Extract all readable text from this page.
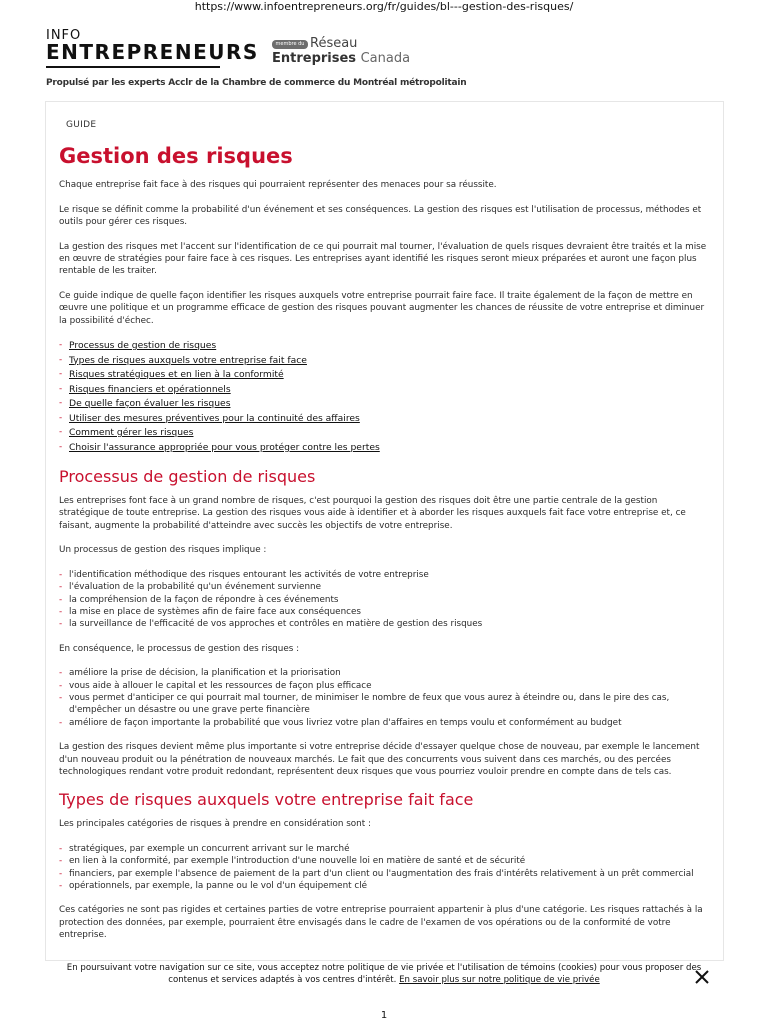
https://www.infoentrepreneurs.org/fr/guides/bl---gestion-des-risques/
INFO
ENTREPRENEURS	membre du Réseau
Entreprises Canada
Propulsé par les experts Acclr de la Chambre de commerce du Montréal métropolitain
GUIDE
Gestion des risques

Chaque entreprise fait face à des risques qui pourraient représenter des menaces pour sa réussite.

Le risque se définit comme la probabilité d'un événement et ses conséquences. La gestion des risques est l'utilisation de processus, méthodes et outils pour gérer ces risques.

La gestion des risques met l'accent sur l'identification de ce qui pourrait mal tourner, l'évaluation de quels risques devraient être traités et la mise en œuvre de stratégies pour faire face à ces risques. Les entreprises ayant identifié les risques seront mieux préparées et auront une façon plus rentable de les traiter.

Ce guide indique de quelle façon identifier les risques auxquels votre entreprise pourrait faire face. Il traite également de la façon de mettre en œuvre une politique et un programme efficace de gestion des risques pouvant augmenter les chances de réussite de votre entreprise et diminuer la possibilité d'échec.

- Processus de gestion de risques
- Types de risques auxquels votre entreprise fait face
- Risques stratégiques et en lien à la conformité
- Risques financiers et opérationnels
- De quelle façon évaluer les risques
- Utiliser des mesures préventives pour la continuité des affaires
- Comment gérer les risques
- Choisir l'assurance appropriée pour vous protéger contre les pertes
Processus de gestion de risques

Les entreprises font face à un grand nombre de risques, c'est pourquoi la gestion des risques doit être une partie centrale de la gestion stratégique de toute entreprise. La gestion des risques vous aide à identifier et à aborder les risques auxquels fait face votre entreprise et, ce faisant, augmente la probabilité d'atteindre avec succès les objectifs de votre entreprise.

Un processus de gestion des risques implique :

- l'identification méthodique des risques entourant les activités de votre entreprise
- l'évaluation de la probabilité qu'un événement survienne
- la compréhension de la façon de répondre à ces événements
- la mise en place de systèmes afin de faire face aux conséquences
- la surveillance de l'efficacité de vos approches et contrôles en matière de gestion des risques

En conséquence, le processus de gestion des risques :

- améliore la prise de décision, la planification et la priorisation
- vous aide à allouer le capital et les ressources de façon plus efficace
- vous permet d'anticiper ce qui pourrait mal tourner, de minimiser le nombre de feux que vous aurez à éteindre ou, dans le pire des cas, d'empêcher un désastre ou une grave perte financière
- améliore de façon importante la probabilité que vous livriez votre plan d'affaires en temps voulu et conformément au budget

La gestion des risques devient même plus importante si votre entreprise décide d'essayer quelque chose de nouveau, par exemple le lancement d'un nouveau produit ou la pénétration de nouveaux marchés. Le fait que des concurrents vous suivent dans ces marchés, ou des percées technologiques rendant votre produit redondant, représentent deux risques que vous pourriez vouloir prendre en compte dans de tels cas.

Types de risques auxquels votre entreprise fait face

Les principales catégories de risques à prendre en considération sont :

- stratégiques, par exemple un concurrent arrivant sur le marché
- en lien à la conformité, par exemple l'introduction d'une nouvelle loi en matière de santé et de sécurité
- financiers, par exemple l'absence de paiement de la part d'un client ou l'augmentation des frais d'intérêts relativement à un prêt commercial
- opérationnels, par exemple, la panne ou le vol d'un équipement clé

Ces catégories ne sont pas rigides et certaines parties de votre entreprise pourraient appartenir à plus d'une catégorie. Les risques rattachés à la protection des données, par exemple, pourraient être envisagés dans le cadre de l'examen de vos opérations ou de la conformité de votre entreprise.

En poursuivant votre navigation sur ce site, vous acceptez notre politique de vie privée et l'utilisation de témoins (cookies) pour vous proposer des
contenus et services adaptés à vos centres d'intérêt. En savoir plus sur notre politique de vie privée
1
